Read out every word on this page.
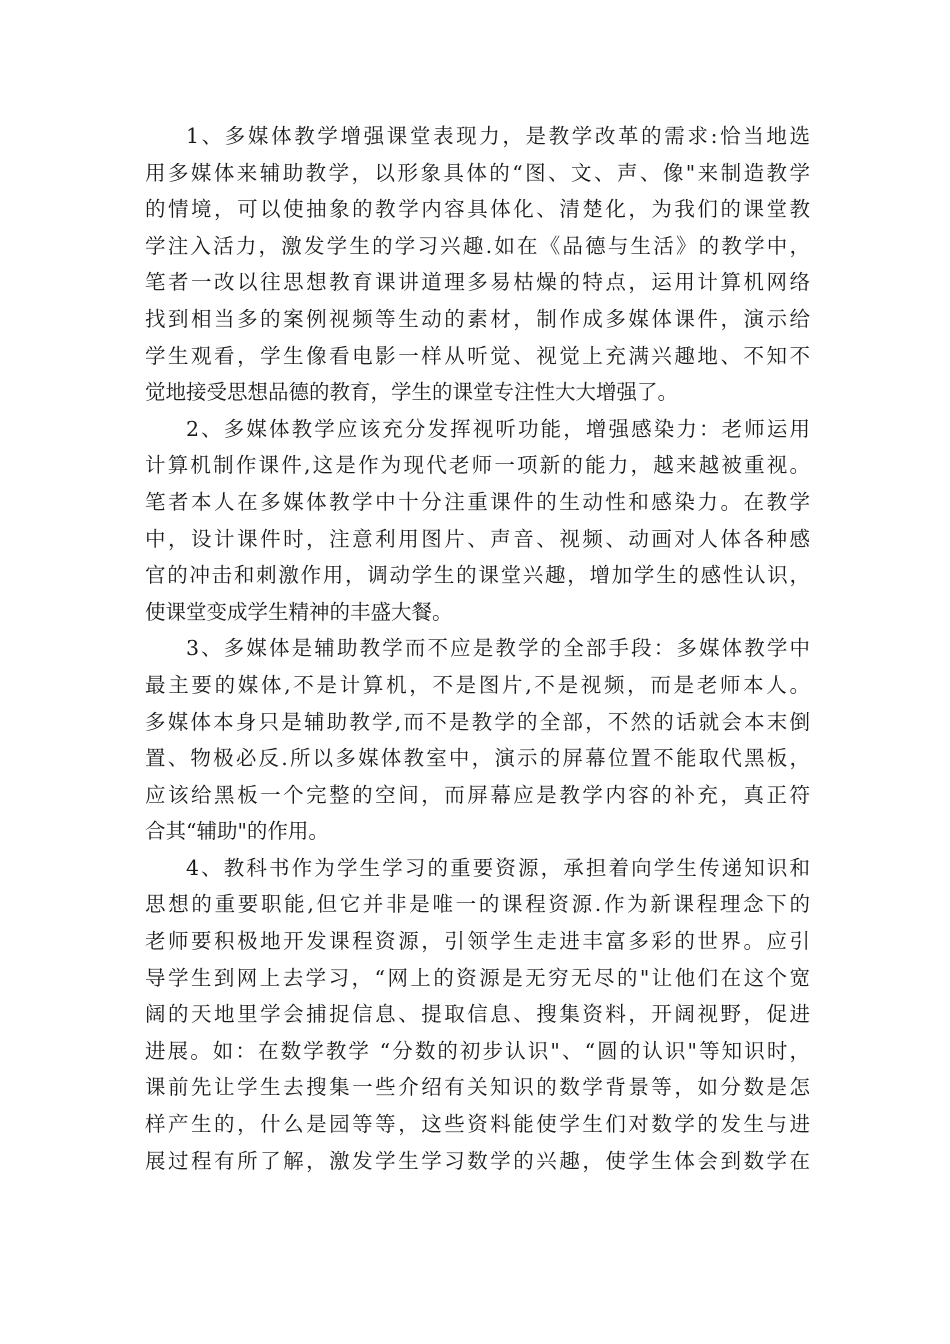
1、多媒体教学增强课堂表现力，是教学改革的需求:恰当地选
用多媒体来辅助教学，以形象具体的“图、文、声、像"来制造教学
的情境，可以使抽象的教学内容具体化、清楚化，为我们的课堂教
学注入活力，激发学生的学习兴趣.如在《品德与生活》的教学中，
笔者一改以往思想教育课讲道理多易枯燥的特点，运用计算机网络
找到相当多的案例视频等生动的素材，制作成多媒体课件，演示给
学生观看，学生像看电影一样从听觉、视觉上充满兴趣地、不知不
觉地接受思想品德的教育，学生的课堂专注性大大增强了。
2、多媒体教学应该充分发挥视听功能，增强感染力：老师运用
计算机制作课件,这是作为现代老师一项新的能力，越来越被重视。
笔者本人在多媒体教学中十分注重课件的生动性和感染力。在教学
中，设计课件时，注意利用图片、声音、视频、动画对人体各种感
官的冲击和刺激作用，调动学生的课堂兴趣，增加学生的感性认识，
使课堂变成学生精神的丰盛大餐。
3、多媒体是辅助教学而不应是教学的全部手段：多媒体教学中
最主要的媒体,不是计算机，不是图片,不是视频，而是老师本人。
多媒体本身只是辅助教学,而不是教学的全部，不然的话就会本末倒
置、物极必反.所以多媒体教室中，演示的屏幕位置不能取代黑板，
应该给黑板一个完整的空间，而屏幕应是教学内容的补充，真正符
合其“辅助"的作用。
4、教科书作为学生学习的重要资源，承担着向学生传递知识和
思想的重要职能,但它并非是唯一的课程资源.作为新课程理念下的
老师要积极地开发课程资源，引领学生走进丰富多彩的世界。应引
导学生到网上去学习，“网上的资源是无穷无尽的"让他们在这个宽
阔的天地里学会捕捉信息、提取信息、搜集资料，开阔视野，促进
进展。如：在数学教学 “分数的初步认识"、“圆的认识"等知识时，
课前先让学生去搜集一些介绍有关知识的数学背景等，如分数是怎
样产生的，什么是园等等，这些资料能使学生们对数学的发生与进
展过程有所了解，激发学生学习数学的兴趣，使学生体会到数学在
